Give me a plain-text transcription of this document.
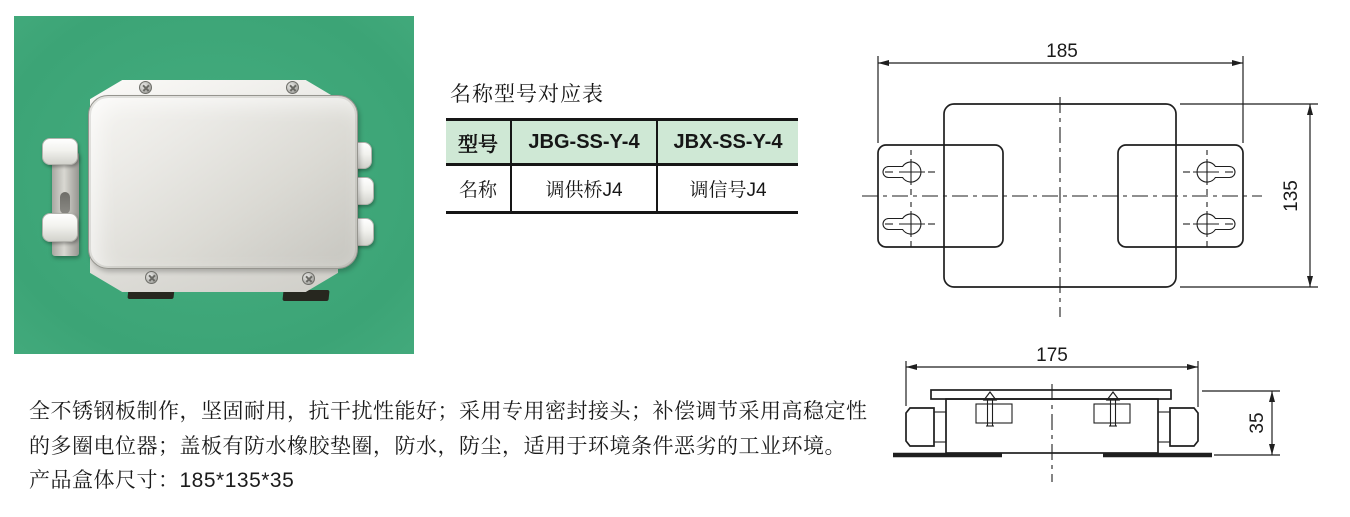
名称型号对应表
型号	JBG-SS-Y-4	JBX-SS-Y-4
名称	调供桥J4	调信号J4
全不锈钢板制作，坚固耐用，抗干扰性能好；采用专用密封接头；补偿调节采用高稳定性
的多圈电位器；盖板有防水橡胶垫圈，防水，防尘，适用于环境条件恶劣的工业环境。
产品盒体尺寸：185*135*35
185
135
175
35
